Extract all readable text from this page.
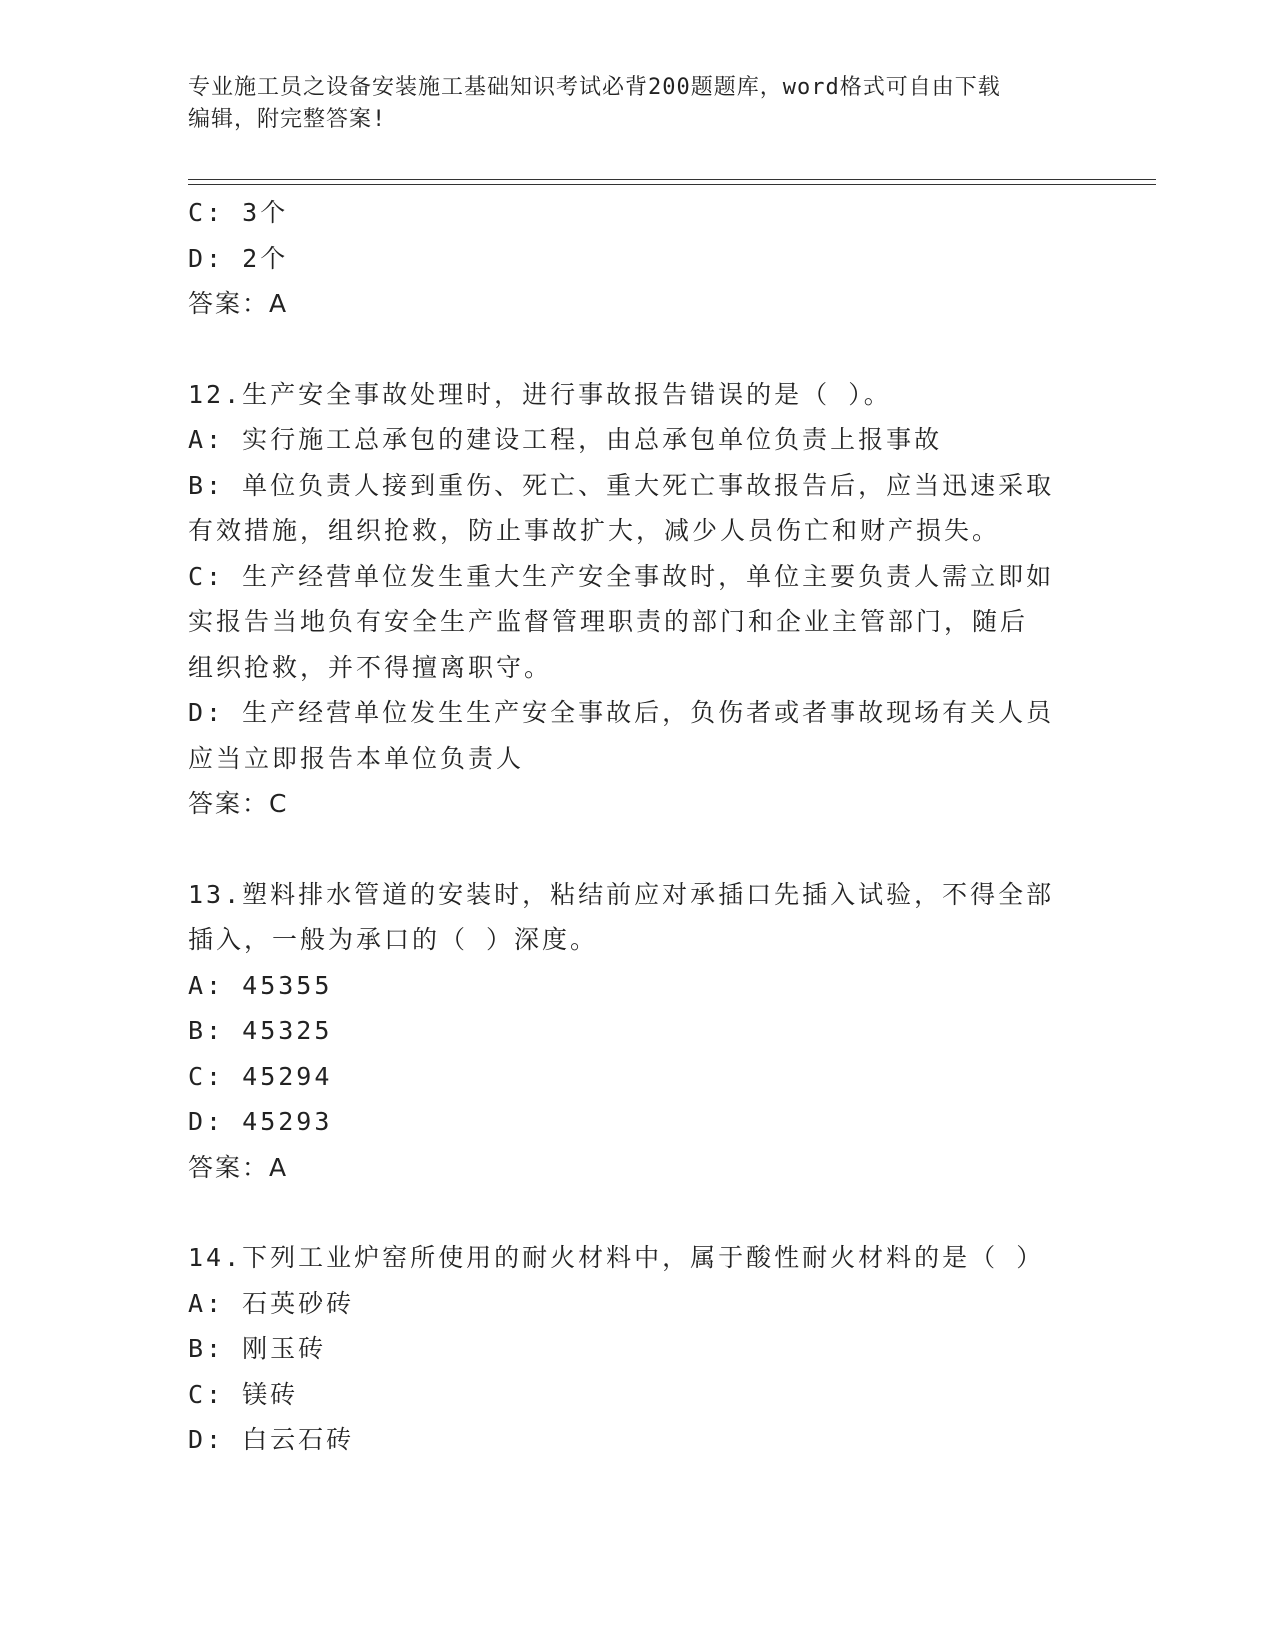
专业施工员之设备安装施工基础知识考试必背200题题库，word格式可自由下载
编辑，附完整答案!
C: 3个
D: 2个
答案：A
12.生产安全事故处理时，进行事故报告错误的是（ ）。
A: 实行施工总承包的建设工程，由总承包单位负责上报事故
B: 单位负责人接到重伤、死亡、重大死亡事故报告后，应当迅速采取
有效措施，组织抢救，防止事故扩大，减少人员伤亡和财产损失。
C: 生产经营单位发生重大生产安全事故时，单位主要负责人需立即如
实报告当地负有安全生产监督管理职责的部门和企业主管部门，随后
组织抢救，并不得擅离职守。
D: 生产经营单位发生生产安全事故后，负伤者或者事故现场有关人员
应当立即报告本单位负责人
答案：C
13.塑料排水管道的安装时，粘结前应对承插口先插入试验，不得全部
插入，一般为承口的（ ）深度。
A: 45355
B: 45325
C: 45294
D: 45293
答案：A
14.下列工业炉窑所使用的耐火材料中，属于酸性耐火材料的是（ ）
A: 石英砂砖
B: 刚玉砖
C: 镁砖
D: 白云石砖
